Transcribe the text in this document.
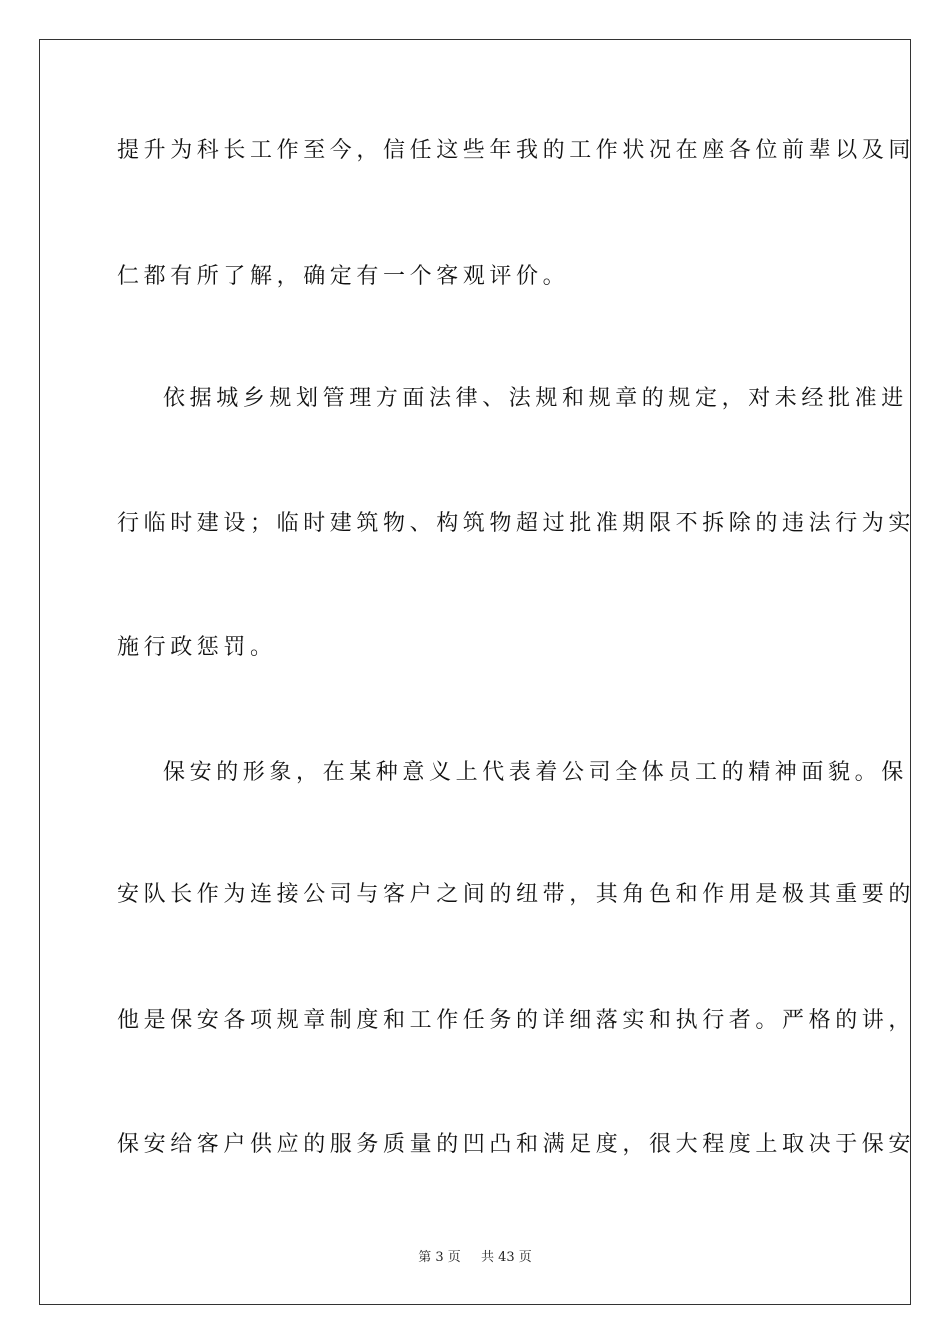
提升为科长工作至今，信任这些年我的工作状况在座各位前辈以及同
仁都有所了解，确定有一个客观评价。
依据城乡规划管理方面法律、法规和规章的规定，对未经批准进
行临时建设；临时建筑物、构筑物超过批准期限不拆除的违法行为实
施行政惩罚。
保安的形象，在某种意义上代表着公司全体员工的精神面貌。保
安队长作为连接公司与客户之间的纽带，其角色和作用是极其重要的
他是保安各项规章制度和工作任务的详细落实和执行者。严格的讲，
保安给客户供应的服务质量的凹凸和满足度，很大程度上取决于保安
第 3 页 共 43 页
